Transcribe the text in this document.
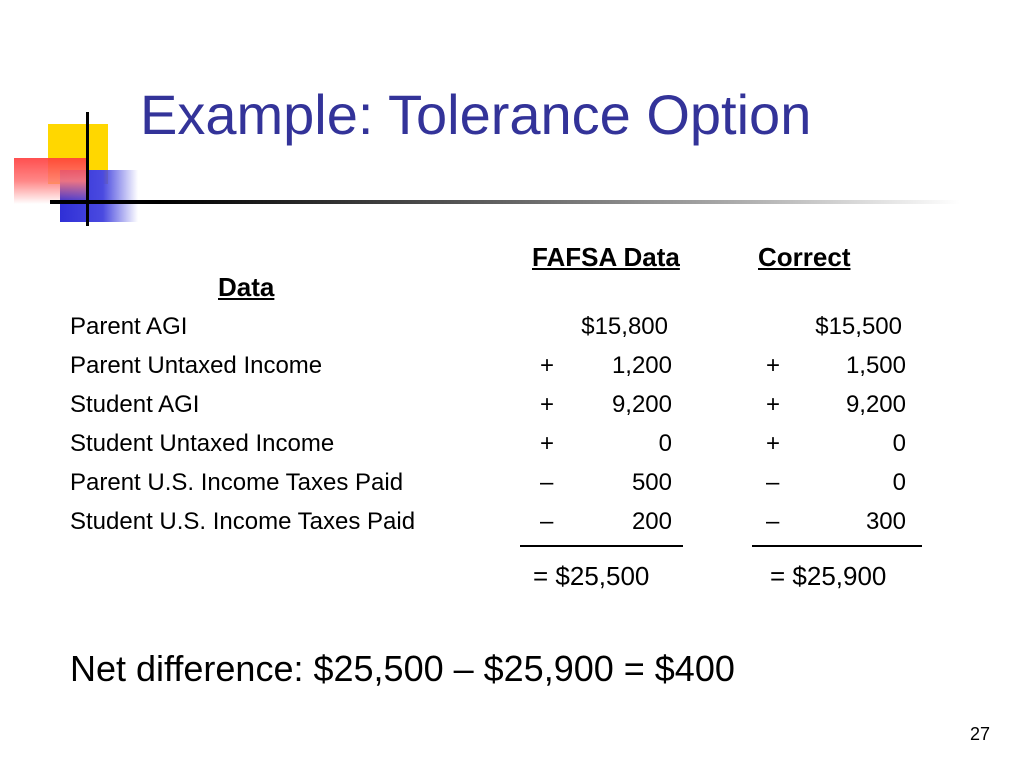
Example: Tolerance Option
FAFSA Data	Correct
Data
Parent AGI	$15,800	$15,500
Parent Untaxed Income	+ 1,200	+	1,500
Student AGI	+ 9,200	+	9,200
Student Untaxed Income	+	0	+	0
Parent U.S. Income Taxes Paid	–	500	–	0
Student U.S. Income Taxes Paid	–	200	–	300
= $25,500	= $25,900
Net difference: $25,500 – $25,900 = $400
27
